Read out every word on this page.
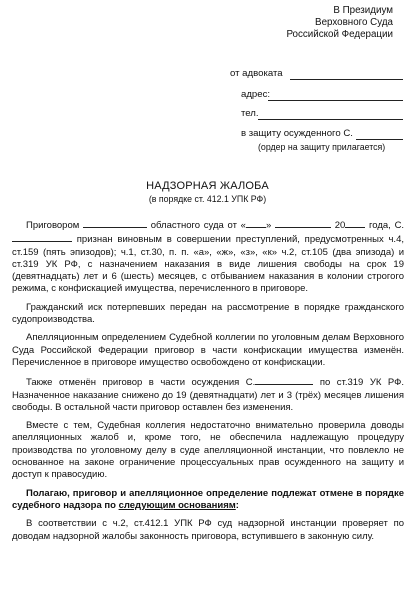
В Президиум
Верховного Суда
Российской Федерации
от адвоката
адрес:
тел.
в защиту осужденного С.
(ордер на защиту прилагается)
НАДЗОРНАЯ ЖАЛОБА
(в порядке ст. 412.1 УПК РФ)

Приговором	областного суда от « »	20 года, С. признан виновным в совершении преступлений, предусмотренных ч.4, ст.159 (пять эпизодов); ч.1, ст.30, п. п. «а», «ж», «з», «к» ч.2, ст.105 (два эпизода) и ст.319 УК РФ, с назначением наказания в виде лишения свободы на срок 19 (девятнадцать) лет и 6 (шесть) месяцев, с отбыванием наказания в колонии строгого режима, с конфискацией имущества, перечисленного в приговоре.

Гражданский иск потерпевших передан на рассмотрение в порядке гражданского судопроизводства.

Апелляционным определением Судебной коллегии по уголовным делам Верховного Суда Российской Федерации приговор в части конфискации имущества изменён. Перечисленное в приговоре имущество освобождено от конфискации.

Также отменён приговор в части осуждения С.	по ст.319 УК РФ. Назначенное наказание снижено до 19 (девятнадцати) лет и 3 (трёх) месяцев лишения свободы. В остальной части приговор оставлен без изменения.

Вместе с тем, Судебная коллегия недостаточно внимательно проверила доводы апелляционных жалоб и, кроме того, не обеспечила надлежащую процедуру производства по уголовному делу в суде апелляционной инстанции, что повлекло не основанное на законе ограничение процессуальных прав осужденного на защиту и доступ к правосудию.

Полагаю, приговор и апелляционное определение подлежат отмене в порядке судебного надзора по следующим основаниям:

В соответствии с ч.2, ст.412.1 УПК РФ суд надзорной инстанции проверяет по доводам надзорной жалобы законность приговора, вступившего в законную силу.
